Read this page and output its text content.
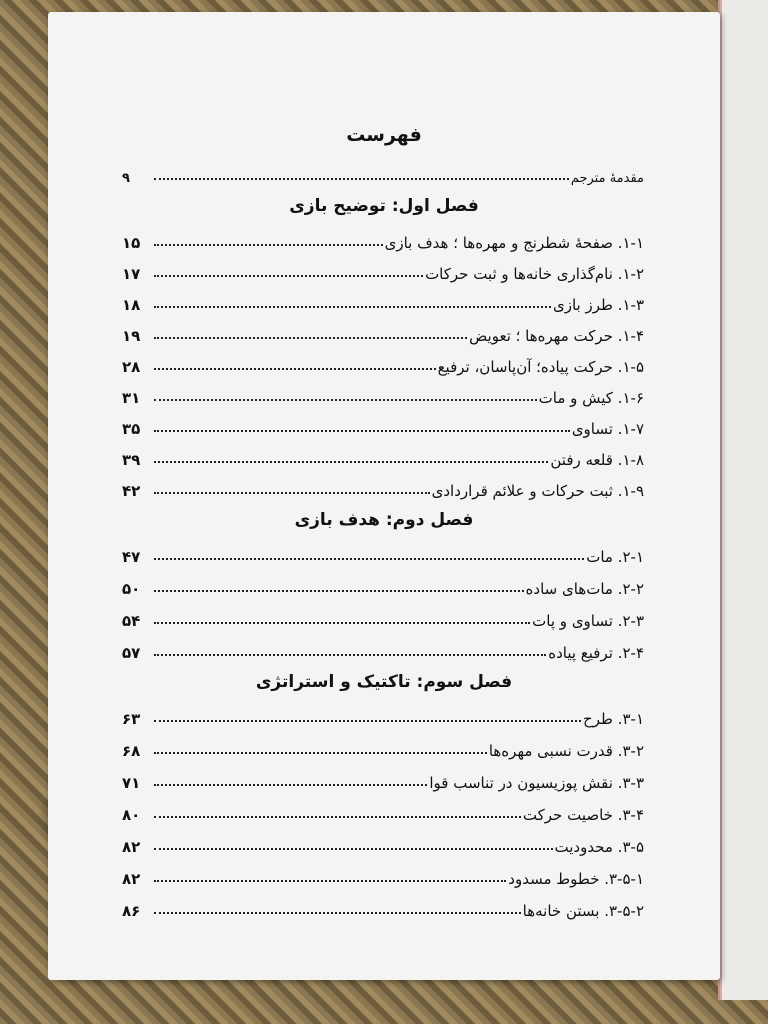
فهرست
مقدمهٔ مترجم
۹
فصل اول: توضیح بازی
۱-۱. صفحهٔ شطرنج و مهره‌ها ؛ هدف بازی
۱۵
۱-۲. نام‌گذاری خانه‌ها و ثبت حرکات
۱۷
۱-۳. طرز بازی
۱۸
۱-۴. حرکت مهره‌ها ؛ تعویض
۱۹
۱-۵. حرکت پیاده؛ آن‌پاسان، ترفیع
۲۸
۱-۶. کیش و مات
۳۱
۱-۷. تساوی
۳۵
۱-۸. قلعه رفتن
۳۹
۱-۹. ثبت حرکات و علائم قراردادی
۴۲
فصل دوم: هدف بازی
۲-۱. مات
۴۷
۲-۲. مات‌های ساده
۵۰
۲-۳. تساوی و پات
۵۴
۲-۴. ترفیع پیاده
۵۷
فصل سوم: تاکتیک و استراتژی
۳-۱. طرح
۶۳
۳-۲. قدرت نسبی مهره‌ها
۶۸
۳-۳. نقش پوزیسیون در تناسب قوا
۷۱
۳-۴. خاصیت حرکت
۸۰
۳-۵. محدودیت
۸۲
۳-۵-۱. خطوط مسدود
۸۲
۳-۵-۲. بستن خانه‌ها
۸۶
